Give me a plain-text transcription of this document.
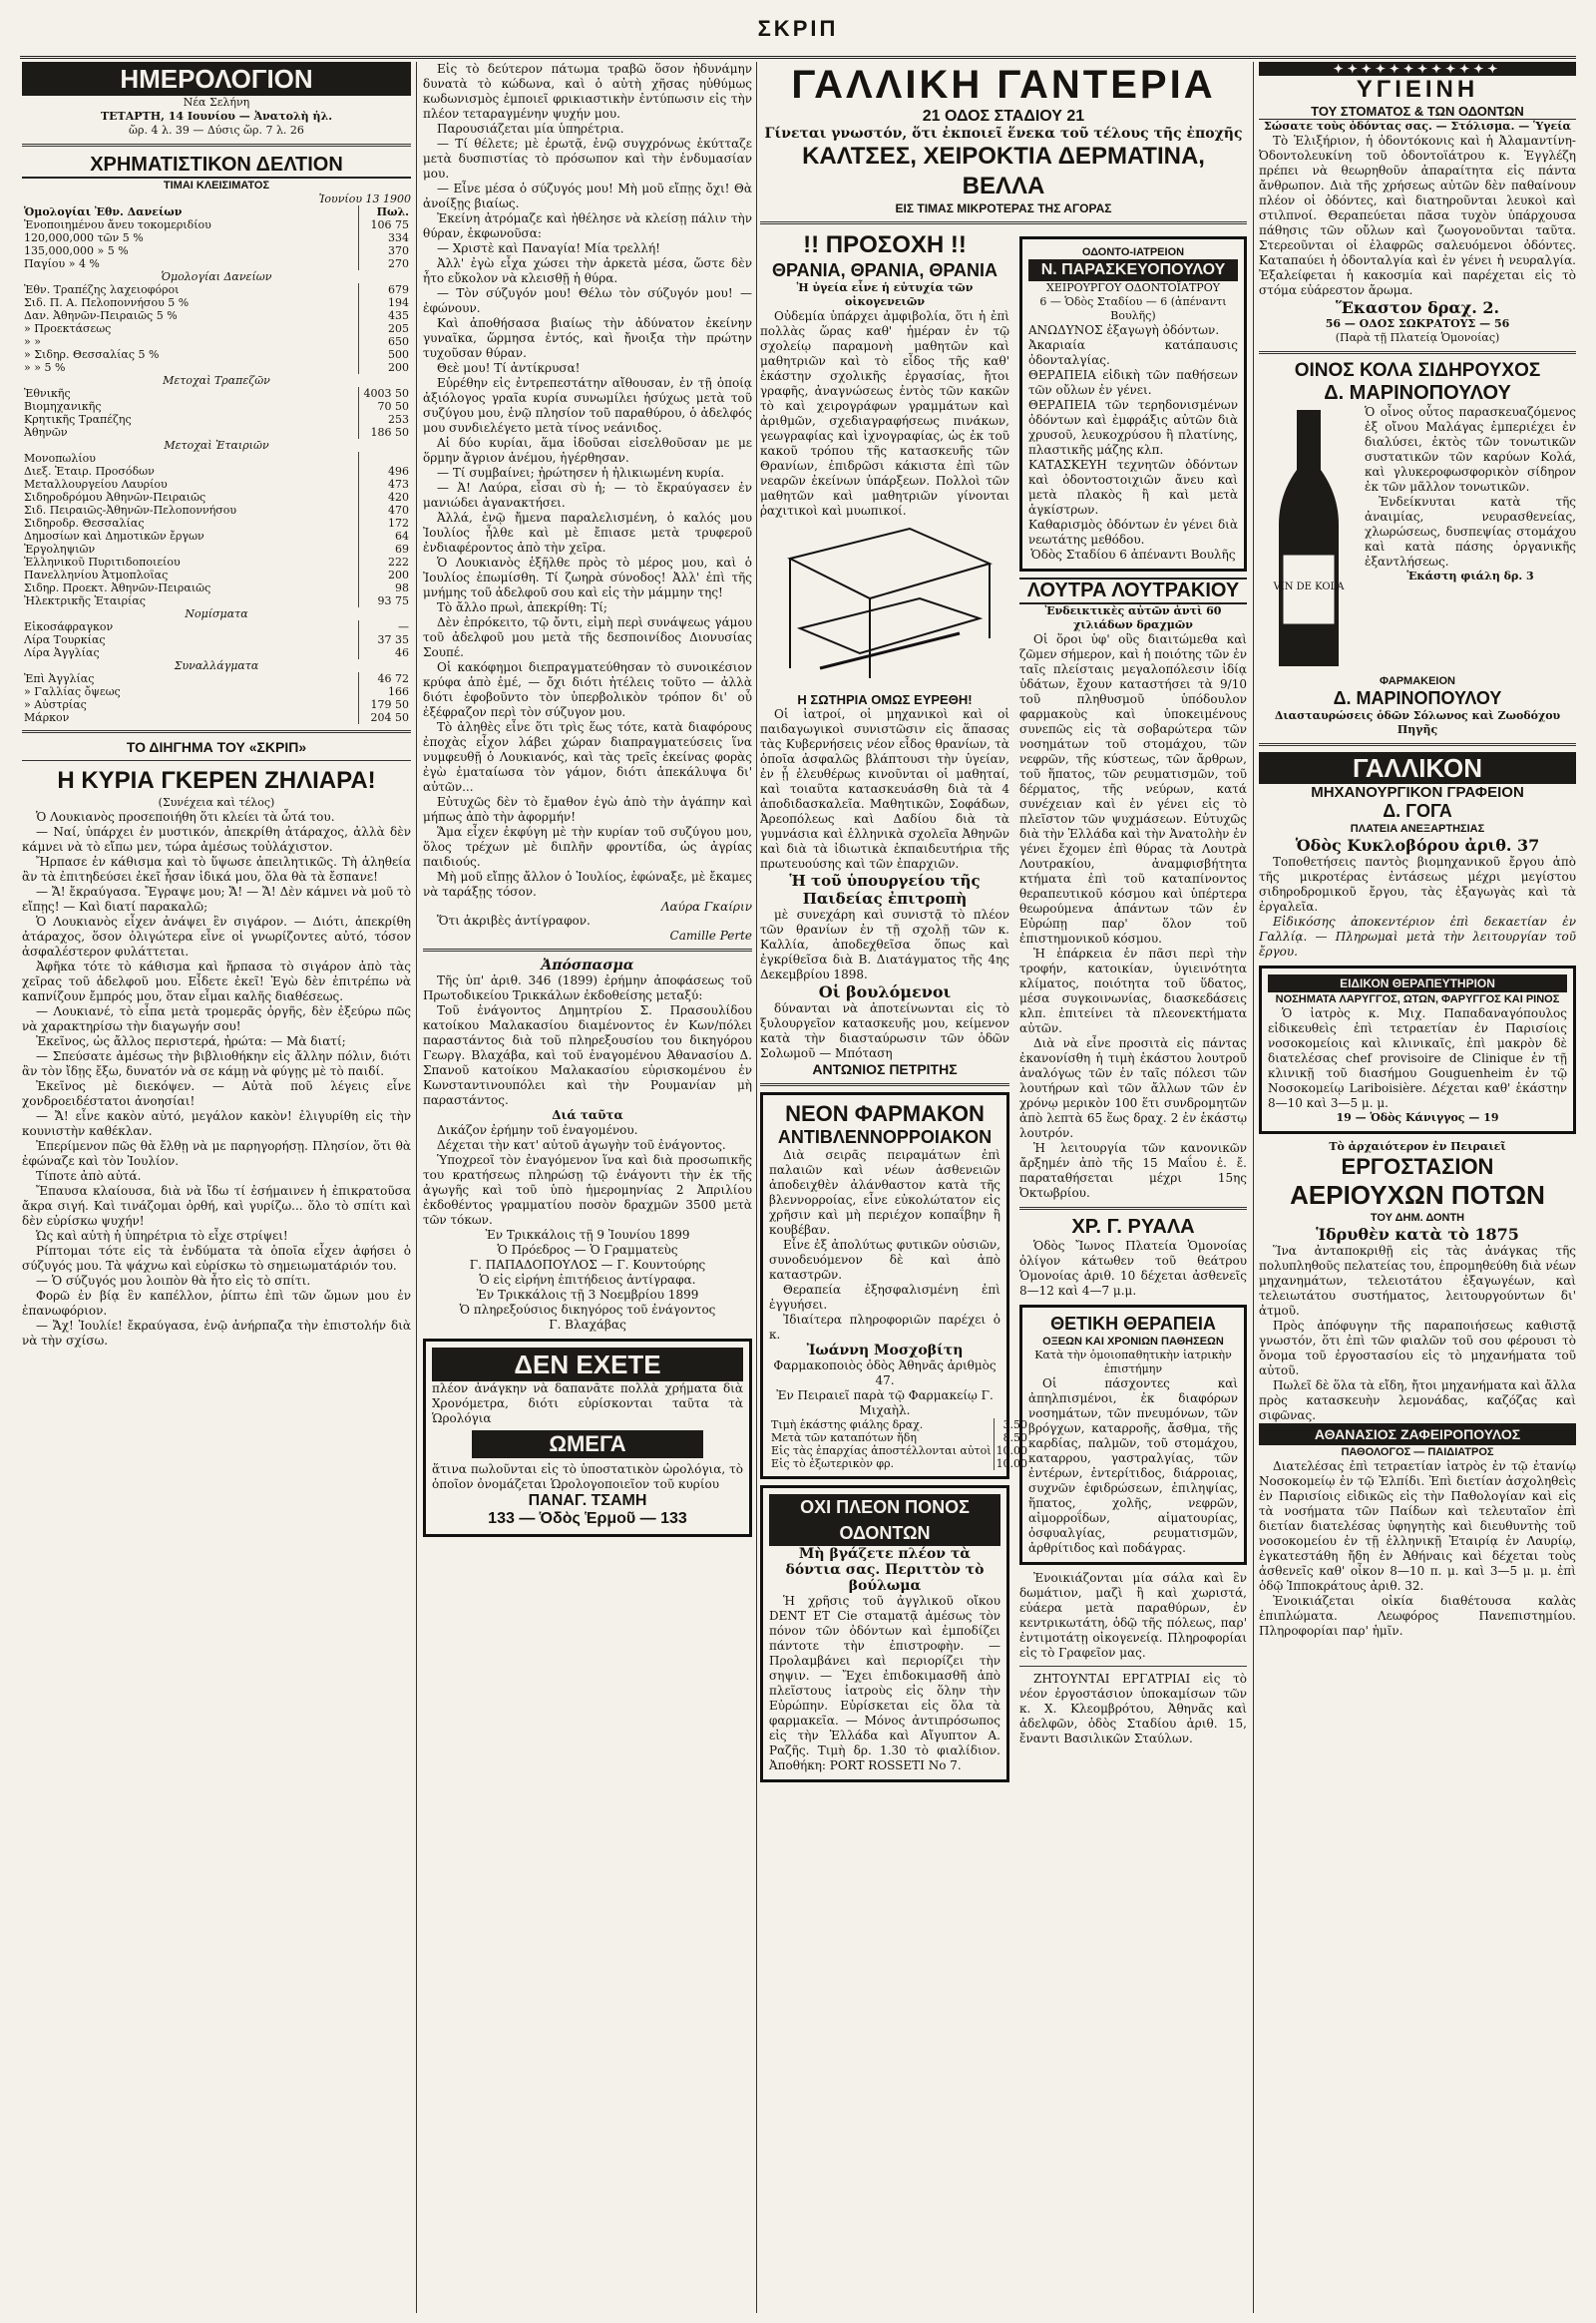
ΣΚΡΙΠ
ΗΜΕΡΟΛΟΓΙΟΝ
Νέα Σελήνη
ΤΕΤΑΡΤΗ, 14 Ιουνίου — Ἀνατολὴ ἡλ.
ὥρ. 4 λ. 39 — Δύσις ὥρ. 7 λ. 26
ΧΡΗΜΑΤΙΣΤΙΚΟΝ ΔΕΛΤΙΟΝ
ΤΙΜΑΙ ΚΛΕΙΣΙΜΑΤΟΣ
Ἰουνίου 13 1900
Ὁμολογίαι Ἐθν. Δανείων	Πωλ.
Ἐνοποιημένου ἄνευ τοκομεριδίου	106 75
120,000,000 τῶν 5 %	334
135,000,000 » 5 %	370
Παγίου » 4 %	270
Ὁμολογίαι Δανείων	
Ἐθν. Τραπέζης λαχειοφόροι	679
Σιδ. Π. Α. Πελοποννήσου 5 %	194
Δαν. Ἀθηνῶν-Πειραιῶς 5 %	435
» Προεκτάσεως	205
» »	650
» Σιδηρ. Θεσσαλίας 5 %	500
» » 5 %	200
Μετοχαὶ Τραπεζῶν	
Ἐθνικῆς	4003 50
Βιομηχανικῆς	70 50
Κρητικῆς Τραπέζης	253
Ἀθηνῶν	186 50
Μετοχαὶ Ἑταιριῶν	
Μονοπωλίου	
Διεξ. Ἐταιρ. Προσόδων	496
Μεταλλουργείου Λαυρίου	473
Σιδηροδρόμου Ἀθηνῶν-Πειραιῶς	420
Σιδ. Πειραιῶς-Ἀθηνῶν-Πελοποννήσου	470
Σιδηροδρ. Θεσσαλίας	172
Δημοσίων καὶ Δημοτικῶν ἔργων	64
Ἐργοληψιῶν	69
Ἑλληνικοῦ Πυριτιδοποιείου	222
Πανελληνίου Ἀτμοπλοΐας	200
Σιδηρ. Προεκτ. Ἀθηνῶν-Πειραιῶς	98
Ἠλεκτρικῆς Ἑταιρίας	93 75
Νομίσματα	
Εἰκοσάφραγκον	—
Λίρα Τουρκίας	37 35
Λίρα Ἀγγλίας	46
Συναλλάγματα	
Ἐπὶ Ἀγγλίας	46 72
» Γαλλίας ὄψεως	166
» Αὐστρίας	179 50
Μάρκον	204 50
ΤΟ ΔΙΗΓΗΜΑ ΤΟΥ «ΣΚΡΙΠ»
Η ΚΥΡΙΑ ΓΚΕΡΕΝ ΖΗΛΙΑΡΑ!
(Συνέχεια καὶ τέλος)

Ὁ Λουκιανὸς προσεποιήθη ὅτι κλείει τὰ ὦτά του.

— Ναί, ὑπάρχει ἐν μυστικόν, ἀπεκρίθη ἀτάραχος, ἀλλὰ δὲν κάμνει νὰ τὸ εἴπω μεν, τώρα ἀμέσως τοὐλάχιστον.

Ἤρπασε ἐν κάθισμα καὶ τὸ ὕψωσε ἀπειλητικῶς. Τὴ ἀληθεία ἂν τὰ ἐπιτηδεύσει ἐκεῖ ἦσαν ἰδικά μου, ὅλα θὰ τὰ ἔσπανε!

— Ἄ! ἔκραύγασα. Ἔγραψε μου; Ἄ! — Ἄ! Δὲν κάμνει νὰ μοῦ τὸ εἴπῃς! — Καὶ διατί παρακαλῶ;

Ὁ Λουκιανὸς εἶχεν ἀνάψει ἓν σιγάρον. — Διότι, ἀπεκρίθη ἀτάραχος, ὅσον ὀλιγώτερα εἶνε οἱ γνωρίζοντες αὐτό, τόσον ἀσφαλέστερον φυλάττεται.

Ἀφῆκα τότε τὸ κάθισμα καὶ ἥρπασα τὸ σιγάρον ἀπὸ τὰς χεῖρας τοῦ ἀδελφοῦ μου. Εἶδετε ἐκεῖ! Ἐγὼ δὲν ἐπιτρέπω νὰ καπνίζουν ἔμπρός μου, ὅταν εἶμαι καλῆς διαθέσεως.

— Λουκιανέ, τὸ εἶπα μετὰ τρομερᾶς ὀργῆς, δὲν ἐξεύρω πῶς νὰ χαρακτηρίσω τὴν διαγωγήν σου!

Ἐκεῖνος, ὡς ἄλλος περιστερά, ἠρώτα: — Μὰ διατί;

— Σπεύσατε ἀμέσως τὴν βιβλιοθήκην εἰς ἄλλην πόλιν, διότι ἂν τὸν ἴδῃς ἔξω, δυνατόν νὰ σε κάμῃ νὰ φύγῃς μὲ τὸ παιδί.

Ἐκεῖνος μὲ διεκόψεν. — Αὐτὰ ποῦ λέγεις εἶνε χονδροειδέστατοι ἀνοησίαι!

— Ἄ! εἶνε κακὸν αὐτό, μεγάλον κακὸν! ἐλιγυρίθη εἰς τὴν κουνιστὴν καθέκλαν.

Ἐπερίμενον πῶς θὰ ἔλθῃ νὰ με παρηγορήσῃ. Πλησίον, ὅτι θὰ ἐφώναζε καὶ τὸν Ἰουλίον.

Τίποτε ἀπὸ αὐτά.

Ἔπαυσα κλαίουσα, διὰ νὰ ἴδω τί ἐσήμαινεν ἡ ἐπικρατοῦσα ἄκρα σιγή. Καὶ τινάζομαι ὀρθή, καὶ γυρίζω... ὅλο τὸ σπίτι καὶ δὲν εὐρίσκω ψυχήν!

Ὡς καὶ αὐτὴ ἡ ὑπηρέτρια τὸ εἶχε στρίψει!

Ρίπτομαι τότε εἰς τὰ ἐνδύματα τὰ ὁποῖα εἶχεν ἀφήσει ὁ σύζυγός μου. Τὰ ψάχνω καὶ εὑρίσκω τὸ σημειωματάριόν του.

— Ὁ σύζυγός μου λοιπὸν θὰ ἦτο εἰς τὸ σπίτι.

Φορῶ ἐν βίᾳ ἓν καπέλλον, ῥίπτω ἐπὶ τῶν ὤμων μου ἐν ἐπανωφόριον.

— Ἄχ! Ἰουλίε! ἔκραύγασα, ἐνῷ ἀνήρπαζα τὴν ἐπιστολήν διὰ νὰ τὴν σχίσω.

Εἰς τὸ δεύτερον πάτωμα τραβῶ ὅσον ἠδυνάμην δυνατὰ τὸ κώδωνα, καὶ ὁ αὐτὴ χῆσας ηὐθύμως κωδωνισμὸς ἐμποιεῖ φρικιαστικὴν ἐντύπωσιν εἰς τὴν πλέον τεταραγμένην ψυχήν μου.

Παρουσιάζεται μία ὑπηρέτρια.

— Τί θέλετε; μὲ ἐρωτᾷ, ἐνῷ συγχρόνως ἐκύτταζε μετὰ δυσπιστίας τὸ πρόσωπον καὶ τὴν ἐνδυμασίαν μου.

— Εἶνε μέσα ὁ σύζυγός μου! Μὴ μοῦ εἴπῃς ὄχι! Θὰ ἀνοίξῃς βιαίως.

Ἐκείνη ἀτρόμαζε καὶ ἠθέλησε νὰ κλείσῃ πάλιν τὴν θύραν, ἐκφωνοῦσα:

— Χριστὲ καὶ Παναγία! Μία τρελλή!

Ἀλλ' ἐγὼ εἶχα χώσει τὴν ἀρκετὰ μέσα, ὥστε δὲν ἦτο εὔκολον νὰ κλεισθῇ ἡ θύρα.

— Τὸν σύζυγόν μου! Θέλω τὸν σύζυγόν μου! — ἐφώνουν.

Καὶ ἀποθήσασα βιαίως τὴν ἀδύνατον ἐκείνην γυναῖκα, ὥρμησα ἐντός, καὶ ἤνοιξα τὴν πρώτην τυχοῦσαν θύραν.

Θεὲ μου! Τί ἀντίκρυσα!

Εὑρέθην εἰς ἐντρεπεστάτην αἴθουσαν, ἐν τῇ ὁποίᾳ ἀξιόλογος γραῖα κυρία συνωμίλει ἡσύχως μετὰ τοῦ συζύγου μου, ἐνῷ πλησίον τοῦ παραθύρου, ὁ ἀδελφός μου συνδιελέγετο μετὰ τίνος νεάνιδος.

Αἱ δύο κυρίαι, ἅμα ἰδοῦσαι εἰσελθοῦσαν με με ὅρμην ἄγριον ἀνέμου, ἠγέρθησαν.

— Τί συμβαίνει; ἠρώτησεν ἡ ἠλικιωμένη κυρία.

— Ἀ! Λαύρα, εἶσαι σὺ ἡ; — τὸ ἔκραύγασεν ἐν μανιώδει ἀγανακτήσει.

Ἀλλά, ἐνῷ ἤμενα παραλελισμένη, ὁ καλός μου Ἰουλίος ἦλθε καὶ μὲ ἔπιασε μετὰ τρυφεροῦ ἐνδιαφέροντος ἀπὸ τὴν χεῖρα.

Ὁ Λουκιανὸς ἐξῆλθε πρὸς τὸ μέρος μου, καὶ ὁ Ἰουλίος ἐπωμίσθη. Τί ζωηρὰ σύνοδος! Ἀλλ' ἐπὶ τῆς μνήμης τοῦ ἀδελφοῦ σου καὶ εἰς τὴν μάμμην της!

Τὸ ἄλλο πρωὶ, ἀπεκρίθη: Τί;

Δὲν ἐπρόκειτο, τῷ ὄντι, εἰμὴ περὶ συνάψεως γάμου τοῦ ἀδελφοῦ μου μετὰ τῆς δεσποινίδος Διονυσίας Σουπέ.

Οἱ κακόφημοι διεπραγματεύθησαν τὸ συνοικέσιον κρύφα ἀπὸ ἐμέ, — ὄχι διότι ἠτέλεις τοῦτο — ἀλλὰ διότι ἐφοβοῦντο τὸν ὑπερβολικὸν τρόπον δι' οὗ ἐξέφραζον περὶ τὸν σύζυγον μου.

Τὸ ἀληθὲς εἶνε ὅτι τρὶς ἕως τότε, κατὰ διαφόρους ἐποχὰς εἶχον λάβει χώραν διαπραγματεύσεις ἵνα νυμφευθῇ ὁ Λουκιανός, καὶ τὰς τρεῖς ἐκείνας φορὰς ἐγὼ ἐματαίωσα τὸν γάμον, διότι ἀπεκάλυψα δι' αὐτῶν...

Εὐτυχῶς δὲν τὸ ἔμαθον ἐγὼ ἀπὸ τὴν ἀγάπην καὶ μήπως ἀπὸ τὴν ἀφορμήν!

Ἅμα εἶχεν ἐκφύγη μὲ τὴν κυρίαν τοῦ συζύγου μου, ὅλος τρέχων μὲ διπλῆν φροντίδα, ὡς ἀγρίας παιδιούς.

Μὴ μοῦ εἴπῃς ἄλλον ὁ Ἰουλίος, ἐφώναξε, μὲ ἔκαμες νὰ ταράξῃς τόσον.

Λαύρα Γκαίριν

Ὅτι ἀκριβὲς ἀντίγραφον.

Camille Perte
Ἀπόσπασμα

Τῆς ὑπ' ἀριθ. 346 (1899) ἐρήμην ἀποφάσεως τοῦ Πρωτοδικείου Τρικκάλων ἐκδοθείσης μεταξύ:

Τοῦ ἐνάγοντος Δημητρίου Σ. Πρασουλίδου κατοίκου Μαλακασίου διαμένοντος ἐν Κων/πόλει παραστάντος διὰ τοῦ πληρεξουσίου του δικηγόρου Γεωργ. Βλαχάβα, καὶ τοῦ ἐναγομένου Ἀθανασίου Δ. Σπανοῦ κατοίκου Μαλακασίου εὑρισκομένου ἐν Κωνσταντινουπόλει καὶ τὴν Ρουμανίαν μὴ παραστάντος.

Διά ταῦτα

Δικάζον ἐρήμην τοῦ ἐναγομένου.

Δέχεται τὴν κατ' αὐτοῦ ἀγωγὴν τοῦ ἐνάγοντος.

Ὑποχρεοῖ τὸν ἐναγόμενον ἵνα καὶ διὰ προσωπικῆς του κρατήσεως πληρώσῃ τῷ ἐνάγοντι τὴν ἐκ τῆς ἀγωγῆς καὶ τοῦ ὑπὸ ἡμερομηνίας 2 Ἀπριλίου ἐκδοθέντος γραμματίου ποσὸν δραχμῶν 3500 μετὰ τῶν τόκων.

Ἐν Τρικκάλοις τῇ 9 Ἰουνίου 1899

Ὁ Πρόεδρος — Ὁ Γραμματεὺς

Γ. ΠΑΠΑΔΟΠΟΥΛΟΣ — Γ. Κουντούρης

Ὁ εἰς εἰρήνη ἐπιτήδειος ἀντίγραφα.

Ἐν Τρικκάλοις τῇ 3 Νοεμβρίου 1899

Ὁ πληρεξούσιος δικηγόρος τοῦ ἐνάγοντος

Γ. Βλαχάβας

ΔΕΝ ΕΧΕΤΕ

πλέον ἀνάγκην νὰ δαπανᾶτε πολλὰ χρήματα διὰ Χρονόμετρα, διότι εὑρίσκονται ταῦτα τὰ Ὡρολόγια

ΩΜΕΓΑ

ἅτινα πωλοῦνται εἰς τὸ ὑποστατικὸν ὡρολόγια, τὸ ὁποῖον ὀνομάζεται Ὡρολογοποιεῖον τοῦ κυρίου

ΠΑΝΑΓ. ΤΣΑΜΗ
133 — Ὁδὸς Ἑρμοῦ — 133
ΓΑΛΛΙΚΗ ΓΑΝΤΕΡΙΑ
21 ΟΔΟΣ ΣΤΑΔΙΟΥ 21
Γίνεται γνωστόν, ὅτι ἐκποιεῖ ἕνεκα τοῦ τέλους τῆς ἐποχῆς
ΚΑΛΤΣΕΣ, ΧΕΙΡΟΚΤΙΑ ΔΕΡΜΑΤΙΝΑ, ΒΕΛΛΑ
ΕΙΣ ΤΙΜΑΣ ΜΙΚΡΟΤΕΡΑΣ ΤΗΣ ΑΓΟΡΑΣ
!! ΠΡΟΣΟΧΗ !!
ΘΡΑΝΙΑ, ΘΡΑΝΙΑ, ΘΡΑΝΙΑ
Ἡ ὑγεία εἶνε ἡ εὐτυχία τῶν οἰκογενειῶν

Οὐδεμία ὑπάρχει ἀμφιβολία, ὅτι ἡ ἐπὶ πολλὰς ὥρας καθ' ἡμέραν ἐν τῷ σχολείῳ παραμονὴ μαθητῶν καὶ μαθητριῶν καὶ τὸ εἶδος τῆς καθ' ἑκάστην σχολικῆς ἐργασίας, ἤτοι γραφῆς, ἀναγνώσεως ἐντὸς τῶν κακῶν τὸ καὶ χειρογράφων γραμμάτων καὶ ἀριθμῶν, σχεδιαγραφήσεως πινάκων, γεωγραφίας καὶ ἰχνογραφίας, ὡς ἐκ τοῦ κακοῦ τρόπου τῆς κατασκευῆς τῶν Θρανίων, ἐπιδρῶσι κάκιστα ἐπὶ τῶν νεαρῶν ἐκείνων ὑπάρξεων. Πολλοὶ τῶν μαθητῶν καὶ μαθητριῶν γίνονται ῥαχιτικοὶ καὶ μυωπικοί.

Η ΣΩΤΗΡΙΑ ΟΜΩΣ ΕΥΡΕΘΗ!

Οἱ ἰατροί, οἱ μηχανικοὶ καὶ οἱ παιδαγωγικοὶ συνιστῶσιν εἰς ἅπασας τὰς Κυβερνήσεις νέον εἶδος θρανίων, τὰ ὁποῖα ἀσφαλῶς βλάπτουσι τὴν ὑγείαν, ἐν ᾗ ἐλευθέρως κινοῦνται οἱ μαθηταί, καὶ τοιαῦτα κατασκευάσθη διὰ τὰ 4 ἀποδιδασκαλεῖα. Μαθητικῶν, Σοφάδων, Ἀρεοπόλεως καὶ Δαδίου διὰ τὰ γυμνάσια καὶ ἑλληνικὰ σχολεῖα Ἀθηνῶν καὶ διὰ τὰ ἰδιωτικὰ ἐκπαιδευτήρια τῆς πρωτευούσης καὶ τῶν ἐπαρχιῶν.

Ἡ τοῦ ὑπουργείου τῆς Παιδείας ἐπιτροπὴ

μὲ συνεχάρη καὶ συνιστᾷ τὸ πλέον τῶν θρανίων ἐν τῇ σχολῇ τῶν κ. Καλλία, ἀποδεχθεῖσα ὅπως καὶ ἐγκρίθεῖσα διὰ Β. Διατάγματος τῆς 4ης Δεκεμβρίου 1898.

Οἱ βουλόμενοι

δύνανται νὰ ἀποτείνωνται εἰς τὸ ξυλουργεῖον κατασκευῆς μου, κείμενον κατὰ τὴν διασταύρωσιν τῶν ὁδῶν Σολωμοῦ — Μπόταση

ΑΝΤΩΝΙΟΣ ΠΕΤΡΙΤΗΣ
ΝΕΟΝ ΦΑΡΜΑΚΟΝ
ΑΝΤΙΒΛΕΝΝΟΡΡΟΙΑΚΟΝ

Διὰ σειρᾶς πειραμάτων ἐπὶ παλαιῶν καὶ νέων ἀσθενειῶν ἀποδειχθὲν ἀλάνθαστον κατὰ τῆς βλεννορροίας, εἶνε εὐκολώτατον εἰς χρῆσιν καὶ μὴ περιέχον κοπαΐβην ἢ κουβέβαν.

Εἶνε ἐξ ἀπολύτως φυτικῶν οὐσιῶν, συνοδευόμενον δὲ καὶ ἀπὸ καταστρῶν.

Θεραπεία ἐξησφαλισμένη ἐπὶ ἐγγυήσει.

Ἰδιαίτερα πληροφοριῶν παρέχει ὁ κ.

Ἰωάννη Μοσχοβίτη

Φαρμακοποιὸς ὁδὸς Ἀθηνᾶς ἀριθμὸς 47.

Ἐν Πειραιεῖ παρὰ τῷ Φαρμακείῳ Γ. Μιχαὴλ.

Τιμὴ ἑκάστης φιάλης δραχ.	3.50
Μετὰ τῶν καταπότων ἥδη	8.50
Εἰς τὰς ἐπαρχίας ἀποστέλλονται αὐτοὶ	10.00
Εἰς τὸ ἐξωτερικὸν φρ.	10.00
ΟΧΙ ΠΛΕΟΝ ΠΟΝΟΣ ΟΔΟΝΤΩΝ
Μὴ βγάζετε πλέον τὰ δόντια σας. Περιττὸν τὸ βούλωμα

Ἡ χρῆσις τοῦ ἀγγλικοῦ οἴκου DENT ET Cie σταματᾷ ἀμέσως τὸν πόνον τῶν ὀδόντων καὶ ἐμποδίζει πάντοτε τὴν ἐπιστροφὴν. — Προλαμβάνει καὶ περιορίζει τὴν σηψιν. — Ἔχει ἐπιδοκιμασθῆ ἀπὸ πλεῖστους ἰατροὺς εἰς ὅλην τὴν Εὐρώπην. Εὐρίσκεται εἰς ὅλα τὰ φαρμακεῖα. — Μόνος ἀντιπρόσωπος εἰς τὴν Ἑλλάδα καὶ Αἴγυπτον Α. Ραζῆς. Τιμὴ δρ. 1.30 τὸ φιαλίδιον. Ἀποθήκη: PORT ROSSETI No 7.

ΟΔΟΝΤΟ-ΙΑΤΡΕΙΟΝ
Ν. ΠΑΡΑΣΚΕΥΟΠΟΥΛΟΥ
ΧΕΙΡΟΥΡΓΟΥ ΟΔΟΝΤΟΪΑΤΡΟΥ
6 — Ὁδὸς Σταδίου — 6 (ἀπέναντι Βουλῆς)

ΑΝΩΔΥΝΟΣ ἐξαγωγὴ ὀδόντων.

Ἀκαριαία κατάπαυσις ὀδονταλγίας.

ΘΕΡΑΠΕΙΑ εἰδικὴ τῶν παθήσεων τῶν οὔλων ἐν γένει.

ΘΕΡΑΠΕΙΑ τῶν τερηδονισμένων ὀδόντων καὶ ἐμφράξις αὐτῶν διὰ χρυσοῦ, λευκοχρύσου ἢ πλατίνης, πλαστικῆς μάζης κλπ.

ΚΑΤΑΣΚΕΥΗ τεχνητῶν ὀδόντων καὶ ὀδοντοστοιχιῶν ἄνευ καὶ μετὰ πλακὸς ἢ καὶ μετὰ ἀγκίστρων.

Καθαρισμὸς ὀδόντων ἐν γένει διὰ νεωτάτης μεθόδου.

Ὁδὸς Σταδίου 6 ἀπέναντι Βουλῆς

ΛΟΥΤΡΑ ΛΟΥΤΡΑΚΙΟΥ
Ἐνδεικτικὲς αὐτῶν ἀντὶ 60 χιλιάδων δραχμῶν

Οἱ ὅροι ὑφ' οὓς διαιτώμεθα καὶ ζῶμεν σήμερον, καὶ ἡ ποιότης τῶν ἐν ταῖς πλείσταις μεγαλοπόλεσιν ἰδίᾳ ὑδάτων, ἔχουν καταστήσει τὰ 9/10 τοῦ πληθυσμοῦ ὑπόδουλον φαρμακοὺς καὶ ὑποκειμένους συνεπῶς εἰς τὰ σοβαρώτερα τῶν νοσημάτων τοῦ στομάχου, τῶν νεφρῶν, τῆς κύστεως, τῶν ἄρθρων, τοῦ ἥπατος, τῶν ρευματισμῶν, τοῦ δέρματος, τῆς νεύρων, κατά συνέχειαν καὶ ἐν γένει εἰς τὸ πλεῖστον τῶν ψυχμάσεων. Εὐτυχῶς διὰ τὴν Ἑλλάδα καὶ τὴν Ἀνατολὴν ἐν γένει ἔχομεν ἐπὶ θύρας τὰ Λουτρὰ Λουτρακίου, ἀναμφισβήτητα κτήματα ἐπὶ τοῦ καταπίνοντος θεραπευτικοῦ κόσμου καὶ ὑπέρτερα θεωρούμενα ἁπάντων τῶν ἐν Εὐρώπῃ παρ' ὅλον τοῦ ἐπιστημονικοῦ κόσμου.

Ἡ ἐπάρκεια ἐν πᾶσι περὶ τὴν τροφήν, κατοικίαν, ὑγιεινότητα κλίματος, ποιότητα τοῦ ὕδατος, μέσα συγκοινωνίας, διασκεδάσεις κλπ. ἐπιτείνει τὰ πλεονεκτήματα αὐτῶν.

Διὰ νὰ εἶνε προσιτὰ εἰς πάντας ἐκανονίσθη ἡ τιμὴ ἐκάστου λουτροῦ ἀναλόγως τῶν ἐν ταῖς πόλεσι τῶν λουτήρων καὶ τῶν ἄλλων τῶν ἐν χρόνῳ μερικὸν 100 ἕτι συνδρομητῶν ἀπὸ λεπτὰ 65 ἕως δραχ. 2 ἐν ἑκάστῳ λουτρόν.

Ἡ λειτουργία τῶν κανονικῶν ἄρξημέν ἀπὸ τῆς 15 Μαΐου ἐ. ἔ. παραταθήσεται μέχρι 15ης Ὀκτωβρίου.

ΧΡ. Γ. ΡΥΑΛΑ

Ὁδὸς Ἴωνος Πλατεία Ὁμονοίας ὀλίγον κάτωθεν τοῦ θεάτρου Ὁμονοίας ἀριθ. 10 δέχεται ἀσθενεῖς 8—12 καὶ 4—7 μ.μ.

ΘΕΤΙΚΗ ΘΕΡΑΠΕΙΑ
ΟΞΕΩΝ ΚΑΙ ΧΡΟΝΙΩΝ ΠΑΘΗΣΕΩΝ
Κατὰ τὴν ὁμοιοπαθητικὴν ἰατρικὴν ἐπιστήμην

Οἱ πάσχοντες καὶ ἀπηλπισμένοι, ἐκ διαφόρων νοσημάτων, τῶν πνευμόνων, τῶν βρόγχων, καταρροῆς, ἄσθμα, τῆς καρδίας, παλμῶν, τοῦ στομάχου, καταρρου, γαστραλγίας, τῶν ἐντέρων, ἐντερίτιδος, διάρροιας, συχνῶν ἐφιδρώσεων, ἐπιληψίας, ἥπατος, χολῆς, νεφρῶν, αἰμορροΐδων, αἱματουρίας, ὀσφυαλγίας, ρευματισμῶν, ἀρθρίτιδος καὶ ποδάγρας.

Ἐνοικιάζονται μία σάλα καὶ ἓν δωμάτιον, μαζὶ ἢ καὶ χωριστά, εὐάερα μετὰ παραθύρων, ἐν κεντρικωτάτη, ὁδῷ τῆς πόλεως, παρ' ἐντιμοτάτῃ οἰκογενείᾳ. Πληροφορίαι εἰς τὸ Γραφεῖον μας.

ΖΗΤΟΥΝΤΑΙ ΕΡΓΑΤΡΙΑΙ εἰς τὸ νέον ἐργοστάσιον ὑποκαμίσων τῶν κ. Χ. Κλεομβρότου, Ἀθηνᾶς καὶ ἀδελφῶν, ὁδὸς Σταδίου ἀριθ. 15, ἔναντι Βασιλικῶν Σταύλων.

✦✦✦✦✦✦✦✦✦✦✦✦
ΥΓΙΕΙΝΗ
ΤΟΥ ΣΤΟΜΑΤΟΣ & ΤΩΝ ΟΔΟΝΤΩΝ
Σώσατε τοὺς ὀδόντας σας. — Στόλισμα. — Ὑγεία

Τὸ Ἐλιξήριον, ἡ ὀδοντόκονις καὶ ἡ Ἀλαμαντίνη-Ὀδοντολευκίνη τοῦ ὀδοντοϊάτρου κ. Ἐγγλέζη πρέπει νὰ θεωρηθοῦν ἀπαραίτητα εἰς πάντα ἄνθρωπον. Διὰ τῆς χρήσεως αὐτῶν δὲν παθαίνουν πλέον οἱ ὀδόντες, καὶ διατηροῦνται λευκοὶ καὶ στιλπνοί. Θεραπεύεται πᾶσα τυχὸν ὑπάρχουσα πάθησις τῶν οὔλων καὶ ζωογονοῦνται ταῦτα. Στερεοῦνται οἱ ἐλαφρῶς σαλευόμενοι ὀδόντες. Καταπαύει ἡ ὀδονταλγία καὶ ἐν γένει ἡ νευραλγία. Ἐξαλείφεται ἡ κακοσμία καὶ παρέχεται εἰς τὸ στόμα εὐάρεστον ἄρωμα.

Ἕκαστον δραχ. 2.
56 — ΟΔΟΣ ΣΩΚΡΑΤΟΥΣ — 56
(Παρὰ τῇ Πλατείᾳ Ὁμονοίας)
ΟΙΝΟΣ ΚΟΛΑ ΣΙΔΗΡΟΥΧΟΣ
Δ. ΜΑΡΙΝΟΠΟΥΛΟΥ
VIN DE KOLA

Ὁ οἶνος οὗτος παρασκευαζόμενος ἐξ οἴνου Μαλάγας ἐμπεριέχει ἐν διαλύσει, ἐκτὸς τῶν τονωτικῶν συστατικῶν τῶν καρύων Κολά, καὶ γλυκεροφωσφορικὸν σίδηρον ἐκ τῶν μᾶλλον τονωτικῶν.

Ἐνδείκνυται κατὰ τῆς ἀναιμίας, νευρασθενείας, χλωρώσεως, δυσπεψίας στομάχου καὶ κατὰ πάσης ὀργανικῆς ἐξαντλήσεως.

Ἑκάστη φιάλη δρ. 3
ΦΑΡΜΑΚΕΙΟΝ
Δ. ΜΑΡΙΝΟΠΟΥΛΟΥ
Διασταυρώσεις ὁδῶν Σόλωνος καὶ Ζωοδόχου Πηγῆς
ΓΑΛΛΙΚΟΝ
ΜΗΧΑΝΟΥΡΓΙΚΟΝ ΓΡΑΦΕΙΟΝ
Δ. ΓΟΓΑ
ΠΛΑΤΕΙΑ ΑΝΕΞΑΡΤΗΣΙΑΣ
Ὁδὸς Κυκλοβόρου ἀριθ. 37

Τοποθετήσεις παντὸς βιομηχανικοῦ ἔργου ἀπὸ τῆς μικροτέρας ἐντάσεως μέχρι μεγίστου σιδηροδρομικοῦ ἔργου, τὰς ἐξαγωγὰς καὶ τὰ ἐργαλεῖα.

Εἰδικόσης ἀποκεντέριον ἐπὶ δεκαετίαν ἐν Γαλλίᾳ. — Πληρωμαὶ μετὰ τὴν λειτουργίαν τοῦ ἔργου.

ΕΙΔΙΚΟΝ ΘΕΡΑΠΕΥΤΗΡΙΟΝ
ΝΟΣΗΜΑΤΑ ΛΑΡΥΓΓΟΣ, ΩΤΩΝ, ΦΑΡΥΓΓΟΣ ΚΑΙ ΡΙΝΟΣ

Ὁ ἰατρὸς κ. Μιχ. Παπαδαναγόπουλος εἰδικευθεὶς ἐπὶ τετραετίαν ἐν Παρισίοις νοσοκομείοις καὶ κλινικαῖς, ἐπὶ μακρὸν δὲ διατελέσας chef provisoire de Clinique ἐν τῇ κλινικῇ τοῦ διασήμου Gouguenheim ἐν τῷ Νοσοκομείῳ Lariboisière. Δέχεται καθ' ἑκάστην 8—10 καὶ 3—5 μ. μ.

19 — Ὁδὸς Κάνιγγος — 19
Τὸ ἀρχαιότερον ἐν Πειραιεῖ
ΕΡΓΟΣΤΑΣΙΟΝ
ΑΕΡΙΟΥΧΩΝ ΠΟΤΩΝ
ΤΟΥ ΔΗΜ. ΔΟΝΤΗ
Ἱδρυθὲν κατὰ τὸ 1875

Ἵνα ἀνταποκριθῇ εἰς τὰς ἀνάγκας τῆς πολυπληθοῦς πελατείας του, ἐπρομηθεύθη διὰ νέων μηχανημάτων, τελειοτάτου ἐξαγωγέων, καὶ τελειωτάτου συστήματος, λειτουργούντων δι' ἀτμοῦ.

Πρὸς ἀπόφυγην τῆς παραποιήσεως καθιστᾷ γνωστόν, ὅτι ἐπὶ τῶν φιαλῶν τοῦ σου φέρουσι τὸ ὄνομα τοῦ ἐργοστασίου εἰς τὸ μηχανήματα τοῦ αὐτοῦ.

Πωλεῖ δὲ ὅλα τὰ εἴδη, ἤτοι μηχανήματα καὶ ἄλλα πρὸς κατασκευὴν λεμονάδας, καζόζας καὶ σιφῶνας.

ΑΘΑΝΑΣΙΟΣ ΖΑΦΕΙΡΟΠΟΥΛΟΣ
ΠΑΘΟΛΟΓΟΣ — ΠΑΙΔΙΑΤΡΟΣ

Διατελέσας ἐπὶ τετραετίαν ἰατρὸς ἐν τῷ ἐτανίῳ Νοσοκομείῳ ἐν τῷ Ἐλπίδι. Ἐπὶ διετίαν ἀσχοληθεὶς ἐν Παρισίοις εἰδικῶς εἰς τὴν Παθολογίαν καὶ εἰς τὰ νοσήματα τῶν Παίδων καὶ τελευταῖον ἐπὶ διετίαν διατελέσας ὑφηγητὴς καὶ διευθυντὴς τοῦ νοσοκομείου ἐν τῇ ἑλληνικῇ Ἑταιρίᾳ ἐν Λαυρίῳ, ἐγκατεστάθη ἤδη ἐν Ἀθήναις καὶ δέχεται τοὺς ἀσθενεῖς καθ' οἶκον 8—10 π. μ. καὶ 3—5 μ. μ. ἐπὶ ὁδῷ Ἱπποκράτους ἀριθ. 32.

Ἐνοικιάζεται οἰκία διαθέτουσα καλὰς ἐπιπλώματα. Λεωφόρος Πανεπιστημίου. Πληροφορίαι παρ' ἡμῖν.
